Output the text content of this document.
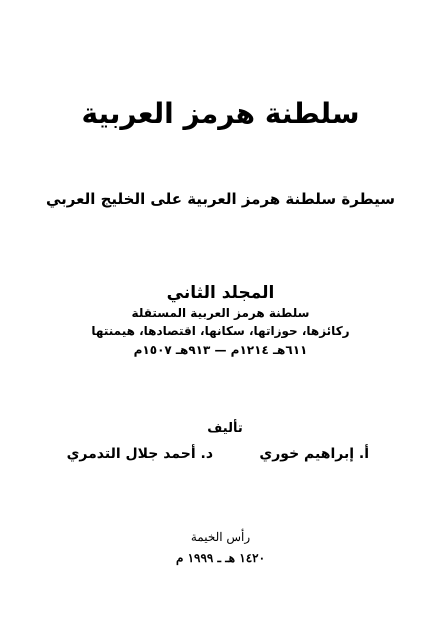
سلطنة هرمز العربية
سيطرة سلطنة هرمز العربية على الخليج العربي
المجلد الثاني

سلطنة هرمز العربية المستقلة

ركائزها، حوزاتها، سكانها، اقتصادها، هيمنتها

٦١١هـ ١٢١٤م — ٩١٣هـ ١٥٠٧م

تأليف

أ. إبراهيم خوري

د. أحمد جلال التدمري

رأس الخيمة

١٤٢٠ هـ ـ ١٩٩٩ م
